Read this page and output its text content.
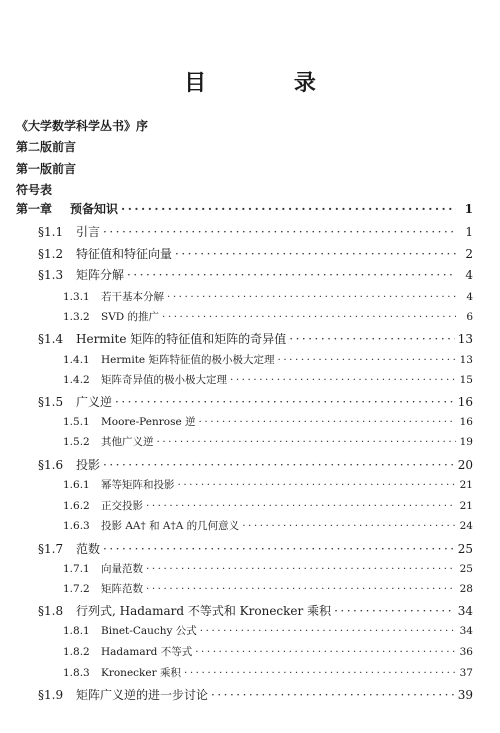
目 录
《大学数学科学丛书》序
第二版前言
第一版前言
符号表
第一章	预备知识 ·····	1
§1.1	引言 ·····	1
§1.2	特征值和特征向量 ·····	2
§1.3	矩阵分解 ·····	4
1.3.1	若干基本分解 ·····	4
1.3.2	SVD 的推广 ·····	6
§1.4	Hermite 矩阵的特征值和矩阵的奇异值 ·····	13
1.4.1	Hermite 矩阵特征值的极小极大定理 ·····	13
1.4.2	矩阵奇异值的极小极大定理 ·····	15
§1.5	广义逆 ·····	16
1.5.1	Moore-Penrose 逆 ·····	16
1.5.2	其他广义逆 ·····	19
§1.6	投影 ·····	20
1.6.1	幂等矩阵和投影 ·····	21
1.6.2	正交投影 ·····	21
1.6.3	投影 AA† 和 A†A 的几何意义 ·····	24
§1.7	范数 ·····	25
1.7.1	向量范数 ·····	25
1.7.2	矩阵范数 ·····	28
§1.8	行列式, Hadamard 不等式和 Kronecker 乘积 ·····	34
1.8.1	Binet-Cauchy 公式 ·····	34
1.8.2	Hadamard 不等式 ·····	36
1.8.3	Kronecker 乘积 ·····	37
§1.9	矩阵广义逆的进一步讨论 ·····	39
